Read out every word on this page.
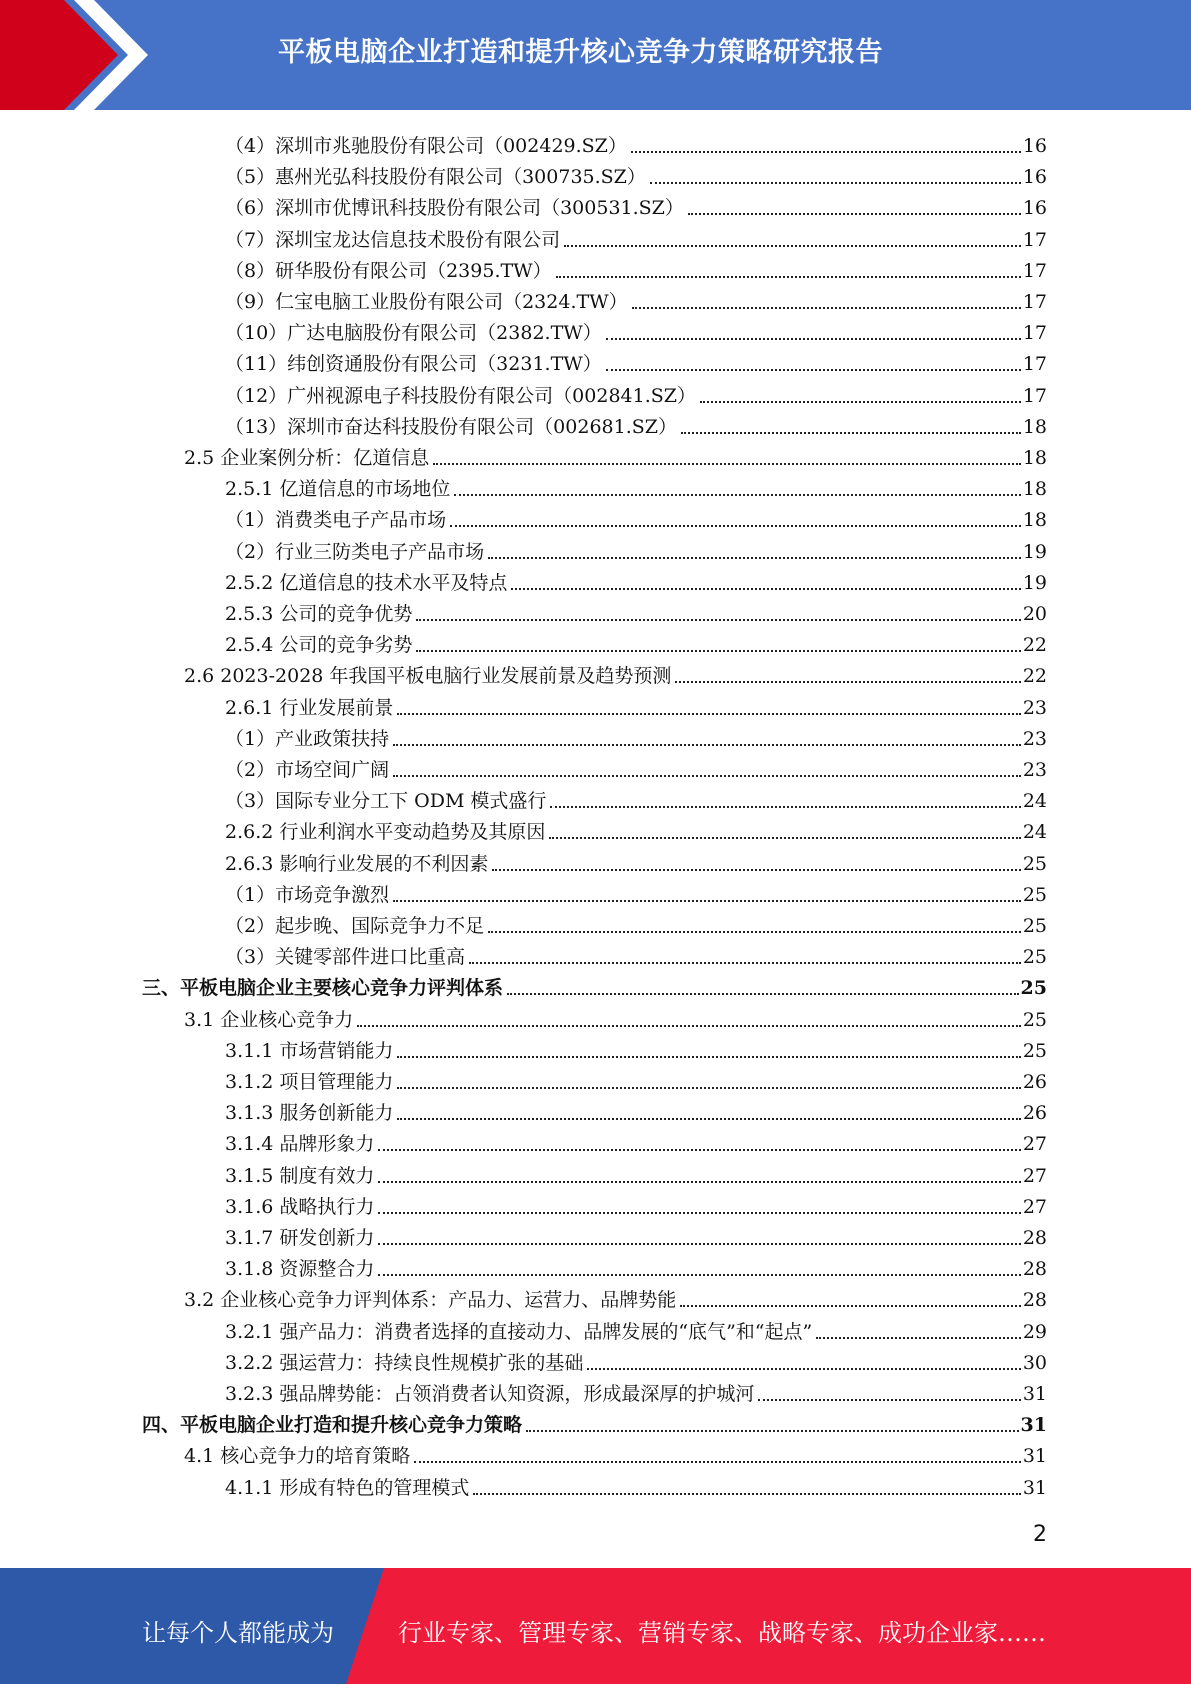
平板电脑企业打造和提升核心竞争力策略研究报告
（4）深圳市兆驰股份有限公司（002429.SZ）	16
（5）惠州光弘科技股份有限公司（300735.SZ）	16
（6）深圳市优博讯科技股份有限公司（300531.SZ）	16
（7）深圳宝龙达信息技术股份有限公司	17
（8）研华股份有限公司（2395.TW）	17
（9）仁宝电脑工业股份有限公司（2324.TW）	17
（10）广达电脑股份有限公司（2382.TW）	17
（11）纬创资通股份有限公司（3231.TW）	17
（12）广州视源电子科技股份有限公司（002841.SZ）	17
（13）深圳市奋达科技股份有限公司（002681.SZ）	18
2.5 企业案例分析：亿道信息	18
2.5.1 亿道信息的市场地位	18
（1）消费类电子产品市场	18
（2）行业三防类电子产品市场	19
2.5.2 亿道信息的技术水平及特点	19
2.5.3 公司的竞争优势	20
2.5.4 公司的竞争劣势	22
2.6 2023-2028 年我国平板电脑行业发展前景及趋势预测	22
2.6.1 行业发展前景	23
（1）产业政策扶持	23
（2）市场空间广阔	23
（3）国际专业分工下 ODM 模式盛行	24
2.6.2 行业利润水平变动趋势及其原因	24
2.6.3 影响行业发展的不利因素	25
（1）市场竞争激烈	25
（2）起步晚、国际竞争力不足	25
（3）关键零部件进口比重高	25
三、平板电脑企业主要核心竞争力评判体系	25
3.1 企业核心竞争力	25
3.1.1 市场营销能力	25
3.1.2 项目管理能力	26
3.1.3 服务创新能力	26
3.1.4 品牌形象力	27
3.1.5 制度有效力	27
3.1.6 战略执行力	27
3.1.7 研发创新力	28
3.1.8 资源整合力	28
3.2 企业核心竞争力评判体系：产品力、运营力、品牌势能	28
3.2.1 强产品力：消费者选择的直接动力、品牌发展的“底气”和“起点”	29
3.2.2 强运营力：持续良性规模扩张的基础	30
3.2.3 强品牌势能：占领消费者认知资源，形成最深厚的护城河	31
四、平板电脑企业打造和提升核心竞争力策略	31
4.1 核心竞争力的培育策略	31
4.1.1 形成有特色的管理模式	31
2
让每个人都能成为	行业专家、管理专家、营销专家、战略专家、成功企业家……
